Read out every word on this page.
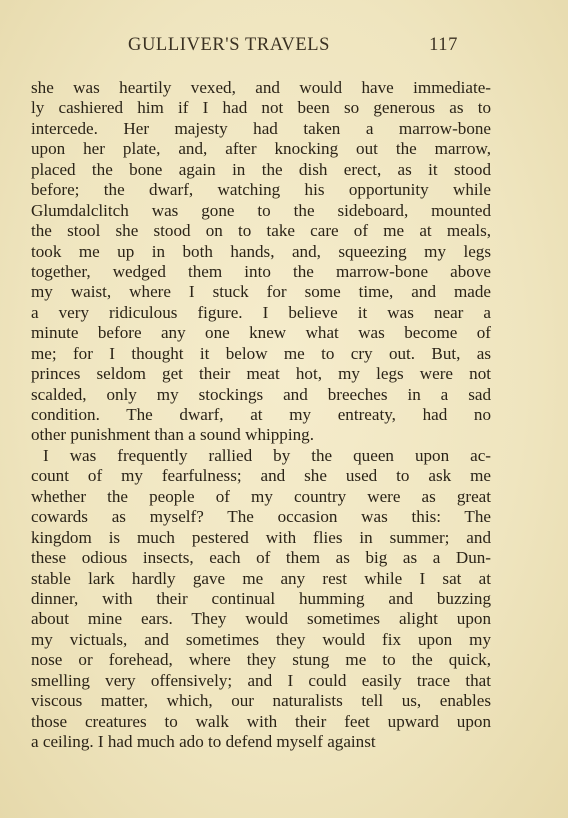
GULLIVER'S TRAVELS	117
she was heartily vexed, and would have immediate-
ly cashiered him if I had not been so generous as to
intercede. Her majesty had taken a marrow-bone
upon her plate, and, after knocking out the marrow,
placed the bone again in the dish erect, as it stood
before; the dwarf, watching his opportunity while
Glumdalclitch was gone to the sideboard, mounted
the stool she stood on to take care of me at meals,
took me up in both hands, and, squeezing my legs
together, wedged them into the marrow-bone above
my waist, where I stuck for some time, and made
a very ridiculous figure. I believe it was near a
minute before any one knew what was become of
me; for I thought it below me to cry out. But, as
princes seldom get their meat hot, my legs were not
scalded, only my stockings and breeches in a sad
condition. The dwarf, at my entreaty, had no
other punishment than a sound whipping.
I was frequently rallied by the queen upon ac-
count of my fearfulness; and she used to ask me
whether the people of my country were as great
cowards as myself? The occasion was this: The
kingdom is much pestered with flies in summer; and
these odious insects, each of them as big as a Dun-
stable lark hardly gave me any rest while I sat at
dinner, with their continual humming and buzzing
about mine ears. They would sometimes alight upon
my victuals, and sometimes they would fix upon my
nose or forehead, where they stung me to the quick,
smelling very offensively; and I could easily trace that
viscous matter, which, our naturalists tell us, enables
those creatures to walk with their feet upward upon
a ceiling. I had much ado to defend myself against
